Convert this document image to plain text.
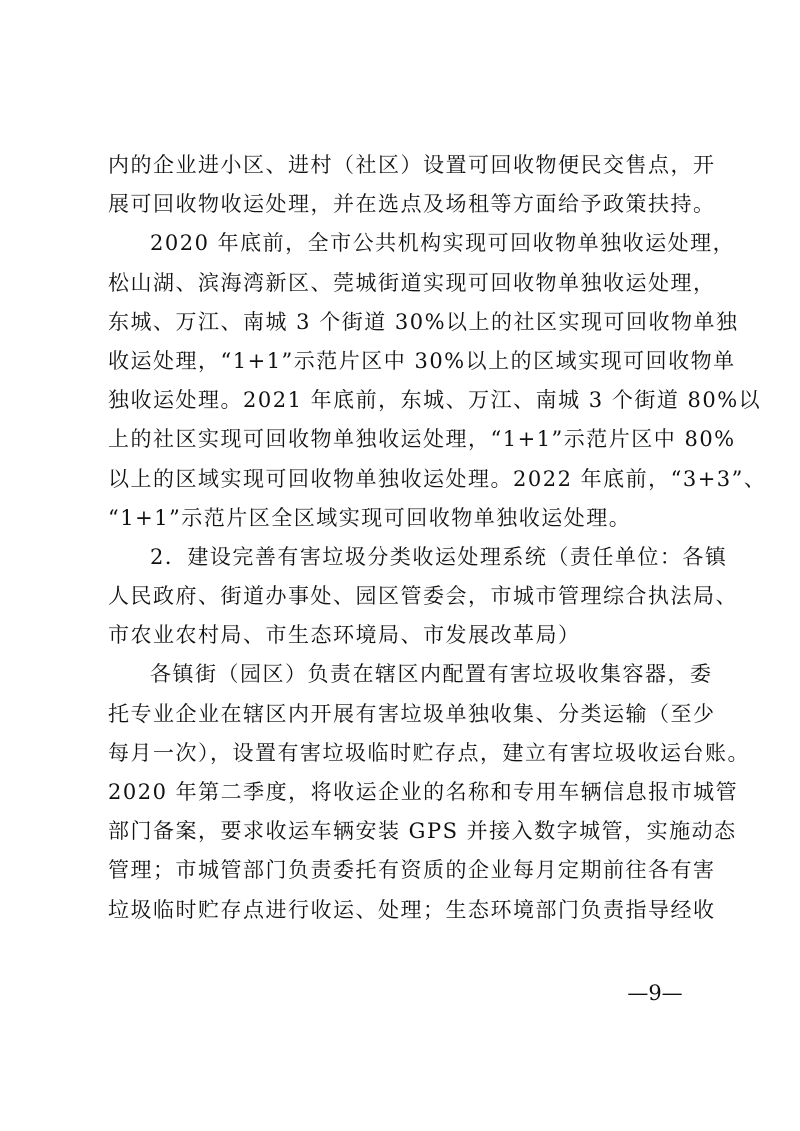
内的企业进小区、进村（社区）设置可回收物便民交售点，开
展可回收物收运处理，并在选点及场租等方面给予政策扶持。
2020 年底前，全市公共机构实现可回收物单独收运处理，
松山湖、滨海湾新区、莞城街道实现可回收物单独收运处理，
东城、万江、南城 3 个街道 30%以上的社区实现可回收物单独
收运处理，“1+1”示范片区中 30%以上的区域实现可回收物单
独收运处理。2021 年底前，东城、万江、南城 3 个街道 80%以
上的社区实现可回收物单独收运处理，“1+1”示范片区中 80%
以上的区域实现可回收物单独收运处理。2022 年底前，“3+3”、
“1+1”示范片区全区域实现可回收物单独收运处理。
2．建设完善有害垃圾分类收运处理系统（责任单位：各镇
人民政府、街道办事处、园区管委会，市城市管理综合执法局、
市农业农村局、市生态环境局、市发展改革局）
各镇街（园区）负责在辖区内配置有害垃圾收集容器，委
托专业企业在辖区内开展有害垃圾单独收集、分类运输（至少
每月一次），设置有害垃圾临时贮存点，建立有害垃圾收运台账。
2020 年第二季度，将收运企业的名称和专用车辆信息报市城管
部门备案，要求收运车辆安装 GPS 并接入数字城管，实施动态
管理；市城管部门负责委托有资质的企业每月定期前往各有害
垃圾临时贮存点进行收运、处理；生态环境部门负责指导经收
—9—
